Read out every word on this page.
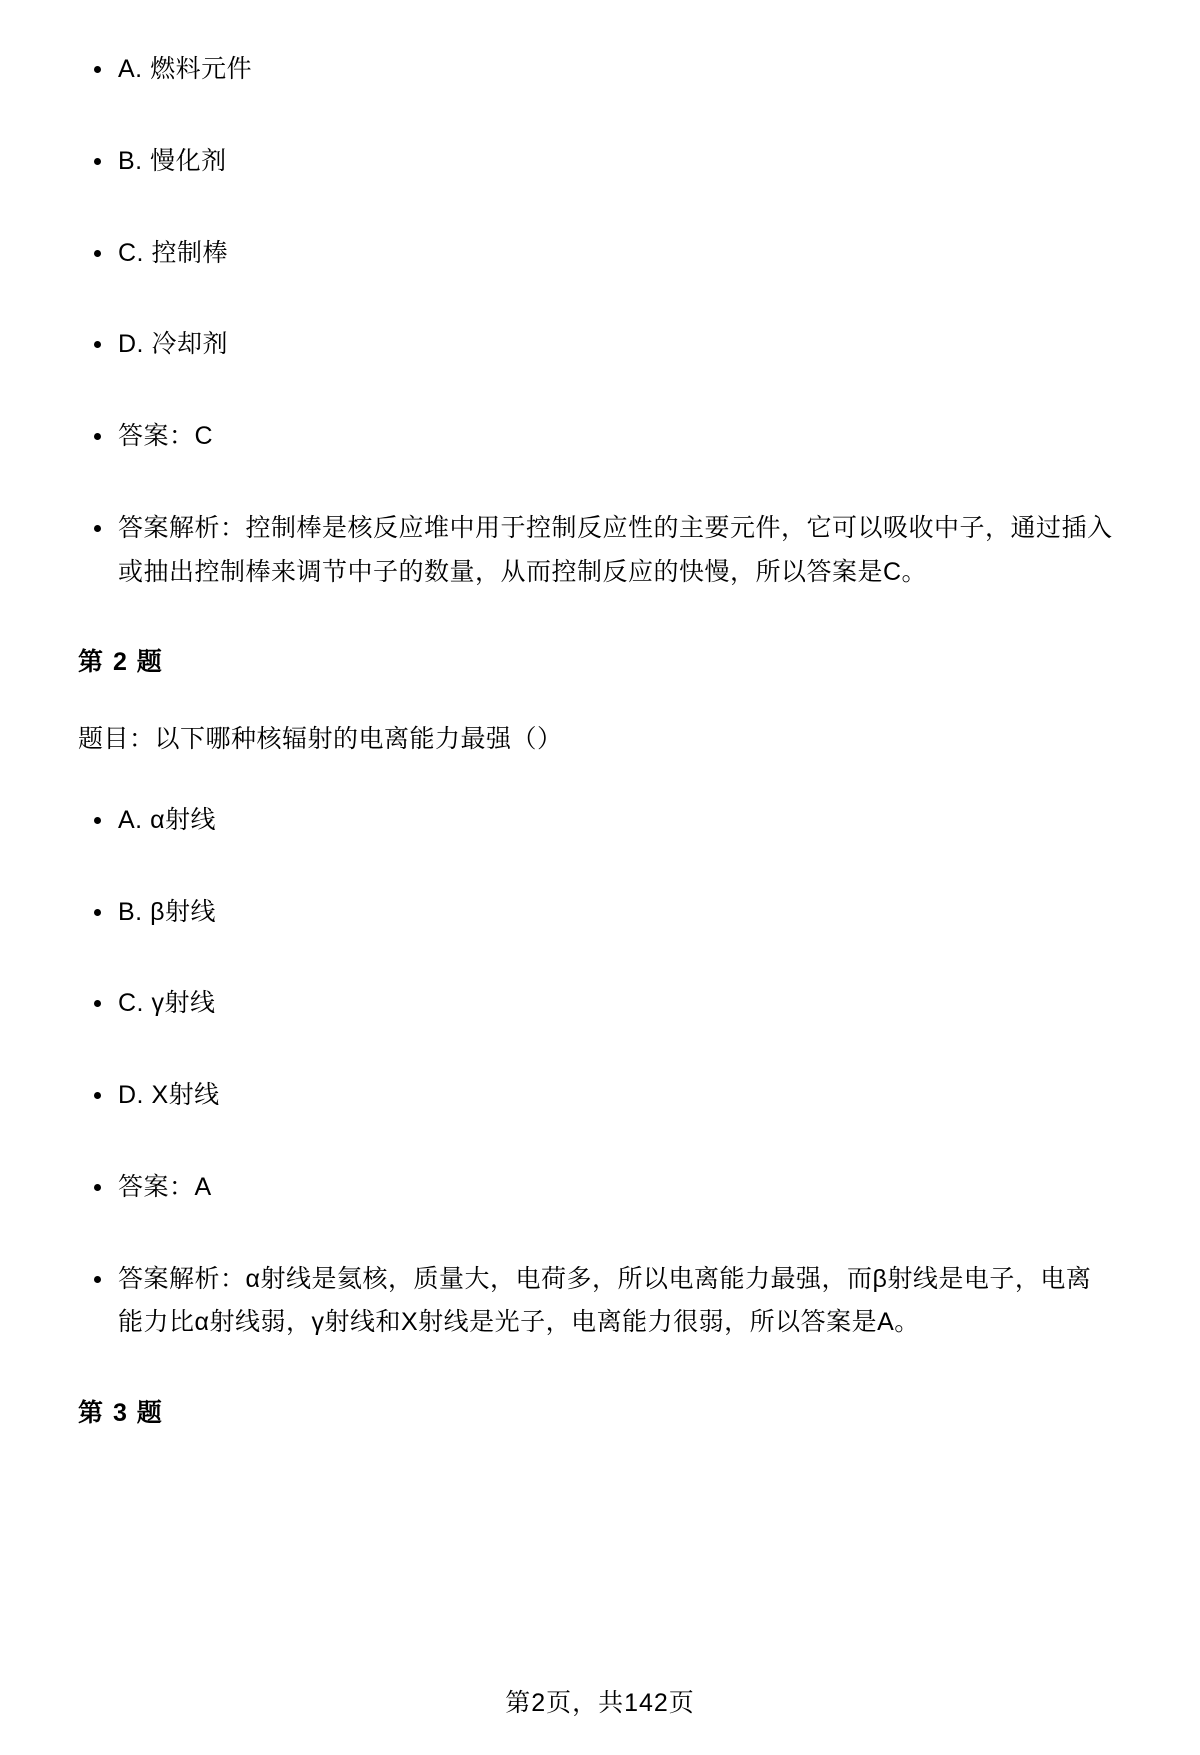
A. 燃料元件
B. 慢化剂
C. 控制棒
D. 冷却剂
答案：C
答案解析：控制棒是核反应堆中用于控制反应性的主要元件，它可以吸收中子，通过插入或抽出控制棒来调节中子的数量，从而控制反应的快慢，所以答案是C。
第 2 题
题目：以下哪种核辐射的电离能力最强（）
A. α射线
B. β射线
C. γ射线
D. X射线
答案：A
答案解析：α射线是氦核，质量大，电荷多，所以电离能力最强，而β射线是电子，电离能力比α射线弱，γ射线和X射线是光子，电离能力很弱，所以答案是A。
第 3 题
第2页，共142页
